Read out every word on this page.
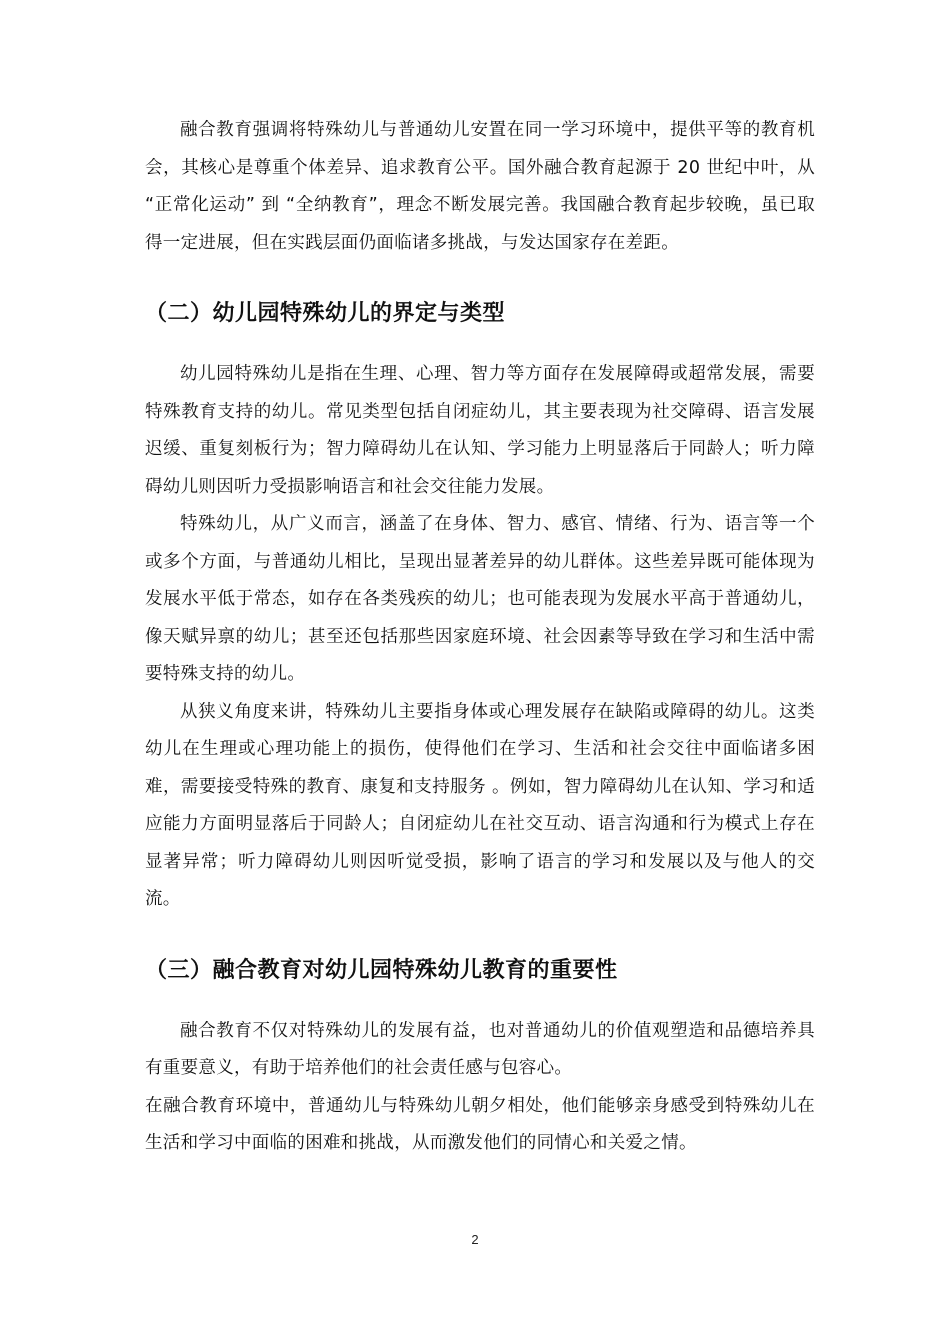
融合教育强调将特殊幼儿与普通幼儿安置在同一学习环境中，提供平等的教育机会，其核心是尊重个体差异、追求教育公平。国外融合教育起源于 20 世纪中叶，从 “正常化运动” 到 “全纳教育”，理念不断发展完善。我国融合教育起步较晚，虽已取得一定进展，但在实践层面仍面临诸多挑战，与发达国家存在差距。

（二）幼儿园特殊幼儿的界定与类型

幼儿园特殊幼儿是指在生理、心理、智力等方面存在发展障碍或超常发展，需要特殊教育支持的幼儿。常见类型包括自闭症幼儿，其主要表现为社交障碍、语言发展迟缓、重复刻板行为；智力障碍幼儿在认知、学习能力上明显落后于同龄人；听力障碍幼儿则因听力受损影响语言和社会交往能力发展。

特殊幼儿，从广义而言，涵盖了在身体、智力、感官、情绪、行为、语言等一个或多个方面，与普通幼儿相比，呈现出显著差异的幼儿群体。这些差异既可能体现为发展水平低于常态，如存在各类残疾的幼儿；也可能表现为发展水平高于普通幼儿，像天赋异禀的幼儿；甚至还包括那些因家庭环境、社会因素等导致在学习和生活中需要特殊支持的幼儿。

从狭义角度来讲，特殊幼儿主要指身体或心理发展存在缺陷或障碍的幼儿。这类幼儿在生理或心理功能上的损伤，使得他们在学习、生活和社会交往中面临诸多困难，需要接受特殊的教育、康复和支持服务 。例如，智力障碍幼儿在认知、学习和适应能力方面明显落后于同龄人；自闭症幼儿在社交互动、语言沟通和行为模式上存在显著异常；听力障碍幼儿则因听觉受损，影响了语言的学习和发展以及与他人的交流。

（三）融合教育对幼儿园特殊幼儿教育的重要性

融合教育不仅对特殊幼儿的发展有益，也对普通幼儿的价值观塑造和品德培养具有重要意义，有助于培养他们的社会责任感与包容心。

在融合教育环境中，普通幼儿与特殊幼儿朝夕相处，他们能够亲身感受到特殊幼儿在生活和学习中面临的困难和挑战，从而激发他们的同情心和关爱之情。

2
